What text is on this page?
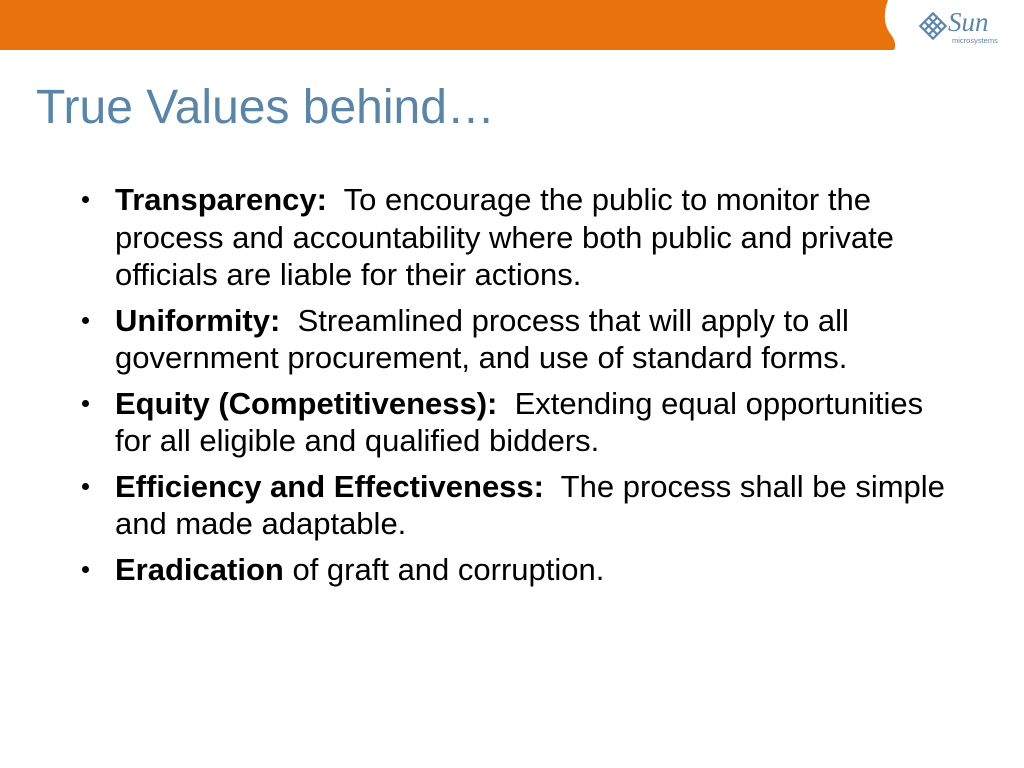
Sun
microsystems
True Values behind…
Transparency: To encourage the public to monitor the process and accountability where both public and private officials are liable for their actions.
Uniformity: Streamlined process that will apply to all government procurement, and use of standard forms.
Equity (Competitiveness): Extending equal opportunities for all eligible and qualified bidders.
Efficiency and Effectiveness: The process shall be simple and made adaptable.
Eradication of graft and corruption.
